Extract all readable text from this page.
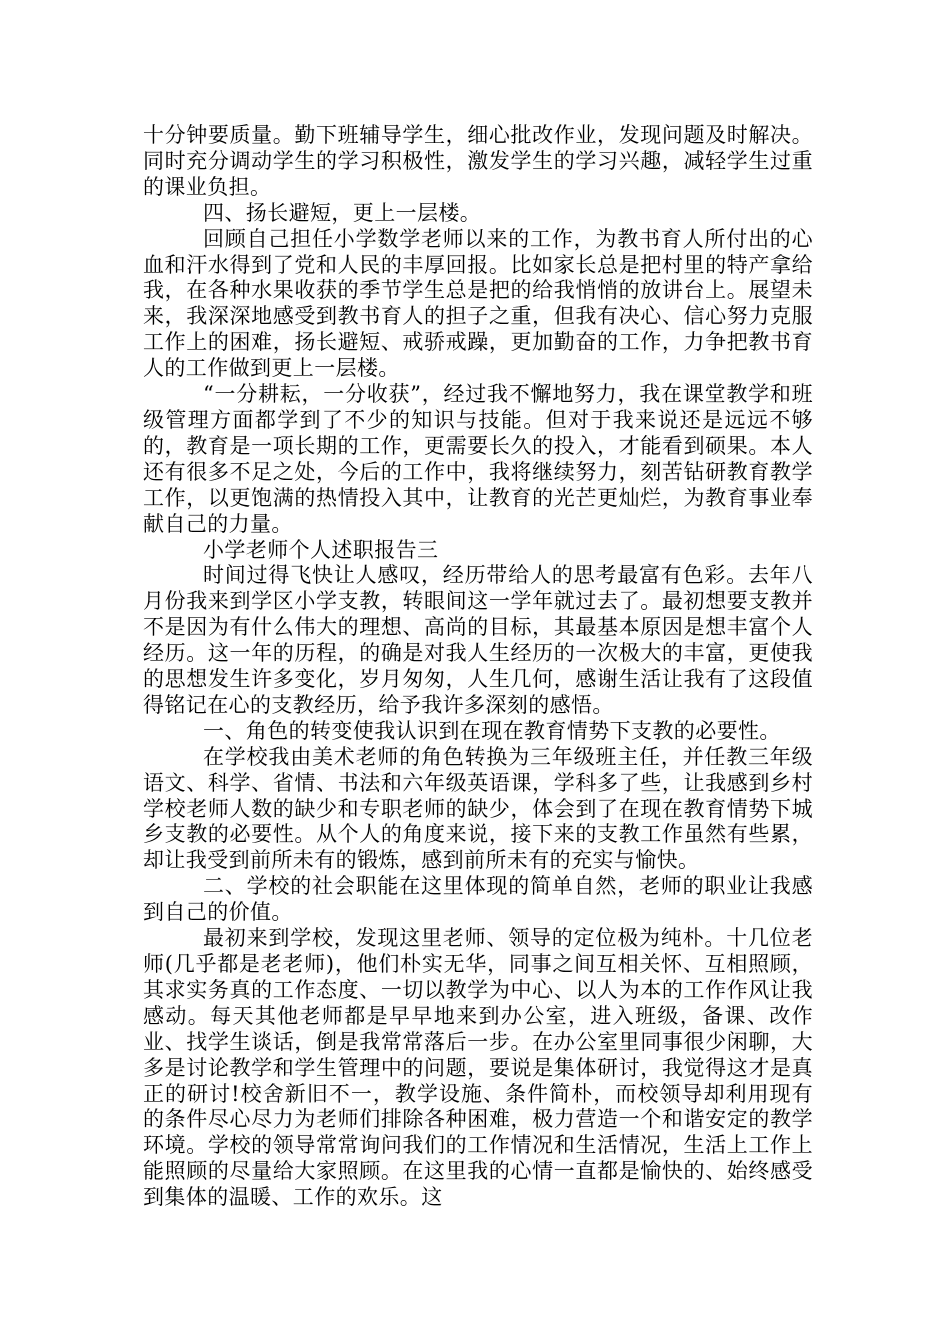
十分钟要质量。勤下班辅导学生，细心批改作业，发现问题及时解决。同时充分调动学生的学习积极性，激发学生的学习兴趣，减轻学生过重的课业负担。

四、扬长避短，更上一层楼。

回顾自己担任小学数学老师以来的工作，为教书育人所付出的心血和汗水得到了党和人民的丰厚回报。比如家长总是把村里的特产拿给我，在各种水果收获的季节学生总是把的给我悄悄的放讲台上。展望未来，我深深地感受到教书育人的担子之重，但我有决心、信心努力克服工作上的困难，扬长避短、戒骄戒躁，更加勤奋的工作，力争把教书育人的工作做到更上一层楼。

“一分耕耘，一分收获”，经过我不懈地努力，我在课堂教学和班级管理方面都学到了不少的知识与技能。但对于我来说还是远远不够的，教育是一项长期的工作，更需要长久的投入，才能看到硕果。本人还有很多不足之处，今后的工作中，我将继续努力，刻苦钻研教育教学工作，以更饱满的热情投入其中，让教育的光芒更灿烂，为教育事业奉献自己的力量。

小学老师个人述职报告三

时间过得飞快让人感叹，经历带给人的思考最富有色彩。去年八月份我来到学区小学支教，转眼间这一学年就过去了。最初想要支教并不是因为有什么伟大的理想、高尚的目标，其最基本原因是想丰富个人经历。这一年的历程，的确是对我人生经历的一次极大的丰富，更使我的思想发生许多变化，岁月匆匆，人生几何，感谢生活让我有了这段值得铭记在心的支教经历，给予我许多深刻的感悟。

一、角色的转变使我认识到在现在教育情势下支教的必要性。

在学校我由美术老师的角色转换为三年级班主任，并任教三年级语文、科学、省情、书法和六年级英语课，学科多了些，让我感到乡村学校老师人数的缺少和专职老师的缺少，体会到了在现在教育情势下城乡支教的必要性。从个人的角度来说，接下来的支教工作虽然有些累，却让我受到前所未有的锻炼，感到前所未有的充实与愉快。

二、学校的社会职能在这里体现的简单自然，老师的职业让我感到自己的价值。

最初来到学校，发现这里老师、领导的定位极为纯朴。十几位老师(几乎都是老老师)，他们朴实无华，同事之间互相关怀、互相照顾，其求实务真的工作态度、一切以教学为中心、以人为本的工作作风让我感动。每天其他老师都是早早地来到办公室，进入班级，备课、改作业、找学生谈话，倒是我常常落后一步。在办公室里同事很少闲聊，大多是讨论教学和学生管理中的问题，要说是集体研讨，我觉得这才是真正的研讨!校舍新旧不一，教学设施、条件简朴，而校领导却利用现有的条件尽心尽力为老师们排除各种困难，极力营造一个和谐安定的教学环境。学校的领导常常询问我们的工作情况和生活情况，生活上工作上能照顾的尽量给大家照顾。在这里我的心情一直都是愉快的、始终感受到集体的温暖、工作的欢乐。这
